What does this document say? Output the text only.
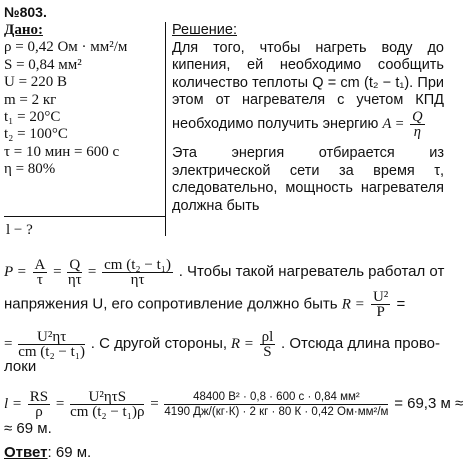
№803.
Дано:
ρ = 0,42 Ом · мм²/м
S = 0,84 мм²
U = 220 В
m = 2 кг
t₁ = 20°С
t₂ = 100°С
τ = 10 мин = 600 с
η = 80%
l − ?
Решение:
Для того, чтобы нагреть воду до кипения, ей необходимо сообщить количество теплоты Q = cm (t₂ − t₁). При этом от нагревателя с учетом КПД необходимо получить энергию $A = \frac{Q}{\eta}$
Эта энергия отбирается из электрической сети за время τ, следовательно, мощность нагревателя должна быть
$P = \frac{A}{\tau} = \frac{Q}{\eta\tau} = \frac{\text{cm (t₂ − t₁)}}{\eta\tau}$ . Чтобы такой нагреватель работал от
напряжения U, его сопротивление должно быть $R = \frac{\text{U²}}{P}$ =
= $\frac{\text{U²ητ}}{\text{cm (t₂ − t₁)}}$ . С другой стороны, $R = \frac{\rho l}{S}$ . Отсюда длина прово-
локи
$l = \frac{RS}{\rho} = \frac{\text{U²ητS}}{\text{cm (t₂ − t₁)ρ}} = \frac{\text{48400 В² · 0,8 · 600 с · 0,84 мм²}}{\text{4190 Дж/(кг·К) · 2 кг · 80 К · 0,42 Ом·мм²/м}} = 69,3$ м ≈
≈ 69 м.
Ответ: 69 м.
